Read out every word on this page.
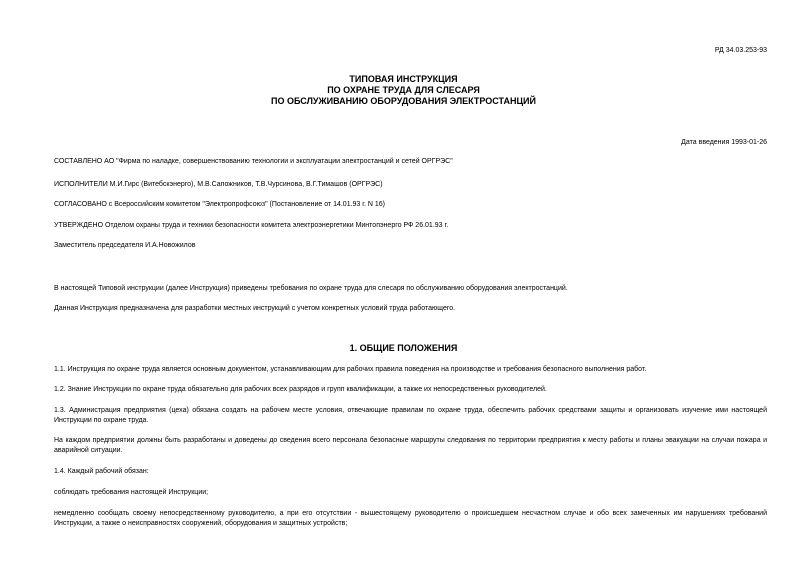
РД 34.03.253-93
ТИПОВАЯ ИНСТРУКЦИЯ
ПО ОХРАНЕ ТРУДА ДЛЯ СЛЕСАРЯ
ПО ОБСЛУЖИВАНИЮ ОБОРУДОВАНИЯ ЭЛЕКТРОСТАНЦИЙ
Дата введения 1993-01-26

СОСТАВЛЕНО АО "Фирма по наладке, совершенствованию технологии и эксплуатации электростанций и сетей ОРГРЭС"

ИСПОЛНИТЕЛИ М.И.Гирс (Витебскэнерго), М.В.Сапожников, Т.В.Чурсинова, В.Г.Тимашов (ОРГРЭС)

СОГЛАСОВАНО с Всероссийским комитетом "Электропрофсоюз" (Постановление от 14.01.93 г. N 16)

УТВЕРЖДЕНО Отделом охраны труда и техники безопасности комитета электроэнергетики Минтопэнерго РФ 26.01.93 г.

Заместитель председателя И.А.Новожилов

В настоящей Типовой инструкции (далее Инструкция) приведены требования по охране труда для слесаря по обслуживанию оборудования электростанций.

Данная Инструкция предназначена для разработки местных инструкций с учетом конкретных условий труда работающего.

1. ОБЩИЕ ПОЛОЖЕНИЯ

1.1. Инструкция по охране труда является основным документом, устанавливающим для рабочих правила поведения на производстве и требования безопасного выполнения работ.

1.2. Знание Инструкции по охране труда обязательно для рабочих всех разрядов и групп квалификации, а также их непосредственных руководителей.

1.3. Администрация предприятия (цеха) обязана создать на рабочем месте условия, отвечающие правилам по охране труда, обеспечить рабочих средствами защиты и организовать изучение ими настоящей Инструкции по охране труда.

На каждом предприятии должны быть разработаны и доведены до сведения всего персонала безопасные маршруты следования по территории предприятия к месту работы и планы эвакуации на случаи пожара и аварийной ситуации.

1.4. Каждый рабочий обязан:

соблюдать требования настоящей Инструкции;

немедленно сообщать своему непосредственному руководителю, а при его отсутствии - вышестоящему руководителю о происшедшем несчастном случае и обо всех замеченных им нарушениях требований Инструкции, а также о неисправностях сооружений, оборудования и защитных устройств;
